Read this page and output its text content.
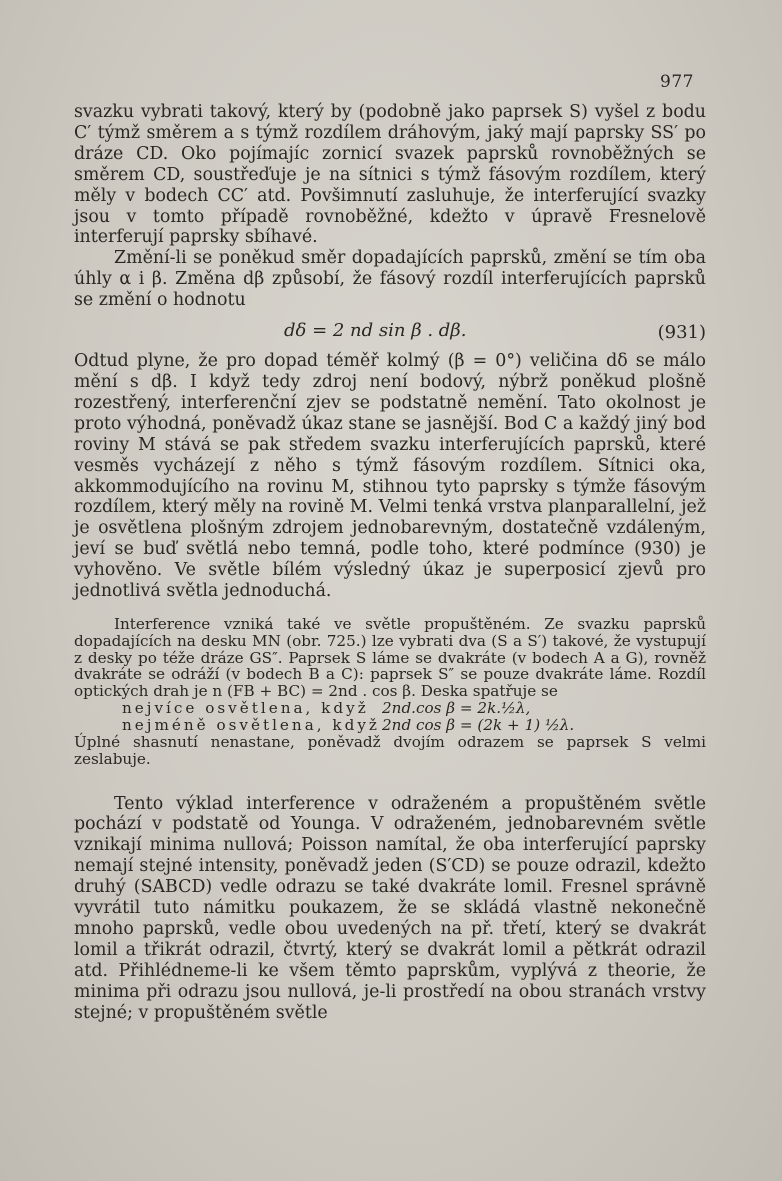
977

svazku vybrati takový, který by (podobně jako paprsek S) vyšel z bodu C′ týmž směrem a s týmž rozdílem dráhovým, jaký mají paprsky SS′ po dráze CD. Oko pojímajíc zornicí svazek paprsků rovnoběžných se směrem CD, soustřeďuje je na sítnici s týmž fásovým rozdílem, který měly v bodech CC′ atd. Povšimnutí zasluhuje, že interferující svazky jsou v tomto případě rovnoběžné, kdežto v úpravě Fresnelově interferují paprsky sbíhavé.

Změní-li se poněkud směr dopadajících paprsků, změní se tím oba úhly α i β. Změna dβ způsobí, že fásový rozdíl interferujících paprsků se změní o hodnotu

dδ = 2 nd sin β . dβ.	(931)

Odtud plyne, že pro dopad téměř kolmý (β = 0°) veličina dδ se málo mění s dβ. I když tedy zdroj není bodový, nýbrž poněkud plošně rozestřený, interferenční zjev se podstatně nemění. Tato okolnost je proto výhodná, poněvadž úkaz stane se jasnější. Bod C a každý jiný bod roviny M stává se pak středem svazku interferujících paprsků, které vesměs vycházejí z něho s týmž fásovým rozdílem. Sítnici oka, akkommodujícího na rovinu M, stihnou tyto paprsky s týmže fásovým rozdílem, který měly na rovině M. Velmi tenká vrstva planparallelní, jež je osvětlena plošným zdrojem jednobarevným, dostatečně vzdáleným, jeví se buď světlá nebo temná, podle toho, které podmínce (930) je vyhověno. Ve světle bílém výsledný úkaz je superposicí zjevů pro jednotlivá světla jednoduchá.

Interference vzniká také ve světle propuštěném. Ze svazku paprsků dopadajících na desku MN (obr. 725.) lze vybrati dva (S a S′) takové, že vystupují z desky po téže dráze GS″. Paprsek S láme se dvakráte (v bodech A a G), rovněž dvakráte se odráží (v bodech B a C): paprsek S″ se pouze dvakráte láme. Rozdíl optických drah je n (FB + BC) = 2nd . cos β. Deska spatřuje se

nejvíce osvětlena, když 2nd.cos β = 2k.½λ,
nejméně osvětlena, když 2nd cos β = (2k + 1) ½λ.

Úplné shasnutí nenastane, poněvadž dvojím odrazem se paprsek S velmi zeslabuje.

Tento výklad interference v odraženém a propuštěném světle pochází v podstatě od Younga. V odraženém, jednobarevném světle vznikají minima nullová; Poisson namítal, že oba interferující paprsky nemají stejné intensity, poněvadž jeden (S′CD) se pouze odrazil, kdežto druhý (SABCD) vedle odrazu se také dvakráte lomil. Fresnel správně vyvrátil tuto námitku poukazem, že se skládá vlastně nekonečně mnoho paprsků, vedle obou uvedených na př. třetí, který se dvakrát lomil a třikrát odrazil, čtvrtý, který se dvakrát lomil a pětkrát odrazil atd. Přihlédneme-li ke všem těmto paprskům, vyplývá z theorie, že minima při odrazu jsou nullová, je-li prostředí na obou stranách vrstvy stejné; v propuštěném světle
